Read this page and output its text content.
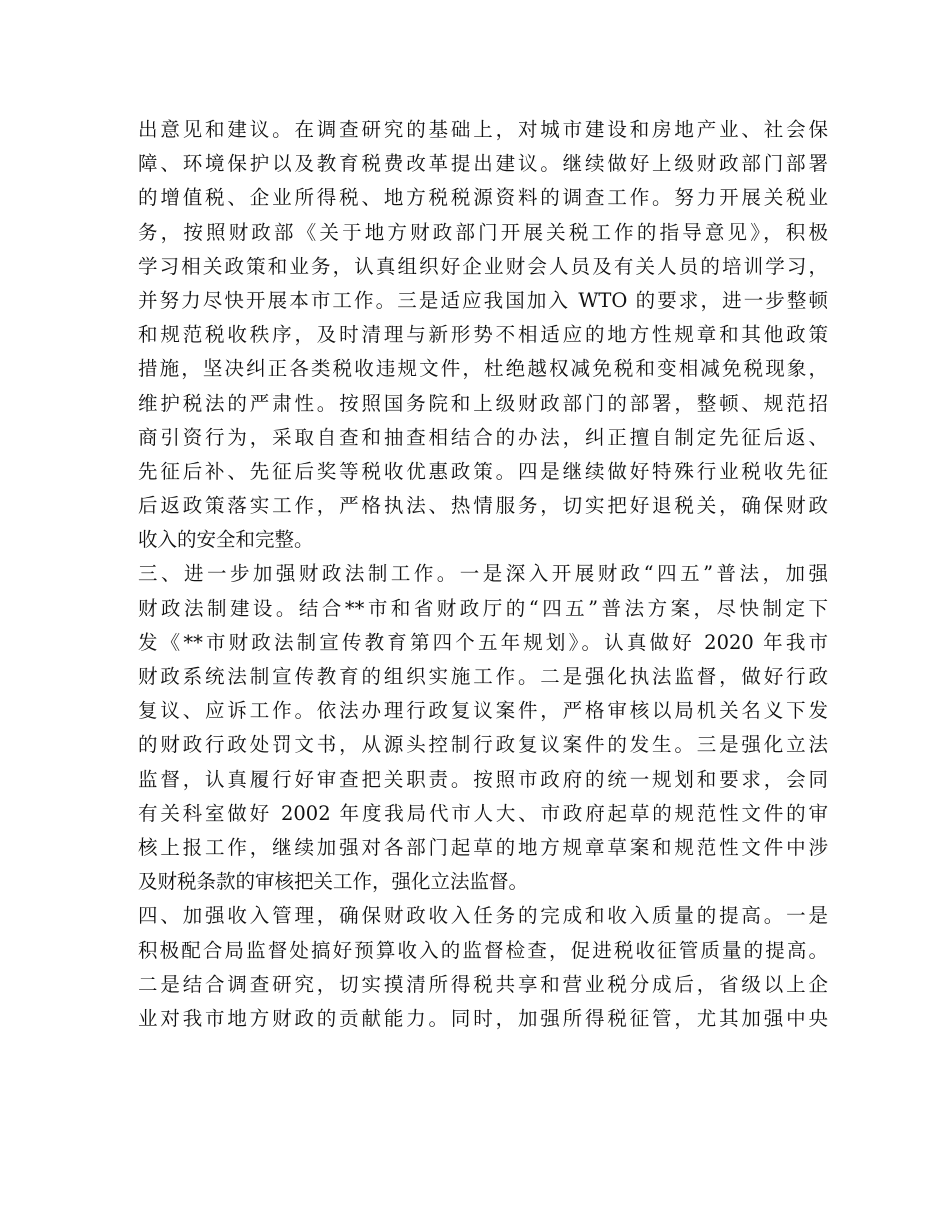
出意见和建议。在调查研究的基础上，对城市建设和房地产业、社会保
障、环境保护以及教育税费改革提出建议。继续做好上级财政部门部署
的增值税、企业所得税、地方税税源资料的调查工作。努力开展关税业
务，按照财政部《关于地方财政部门开展关税工作的指导意见》，积极
学习相关政策和业务，认真组织好企业财会人员及有关人员的培训学习，
并努力尽快开展本市工作。三是适应我国加入 WTO 的要求，进一步整顿
和规范税收秩序，及时清理与新形势不相适应的地方性规章和其他政策
措施，坚决纠正各类税收违规文件，杜绝越权减免税和变相减免税现象，
维护税法的严肃性。按照国务院和上级财政部门的部署，整顿、规范招
商引资行为，采取自查和抽查相结合的办法，纠正擅自制定先征后返、
先征后补、先征后奖等税收优惠政策。四是继续做好特殊行业税收先征
后返政策落实工作，严格执法、热情服务，切实把好退税关，确保财政
收入的安全和完整。
三、进一步加强财政法制工作。一是深入开展财政“四五”普法，加强
财政法制建设。结合**市和省财政厅的“四五”普法方案，尽快制定下
发《**市财政法制宣传教育第四个五年规划》。认真做好 2020 年我市
财政系统法制宣传教育的组织实施工作。二是强化执法监督，做好行政
复议、应诉工作。依法办理行政复议案件，严格审核以局机关名义下发
的财政行政处罚文书，从源头控制行政复议案件的发生。三是强化立法
监督，认真履行好审查把关职责。按照市政府的统一规划和要求，会同
有关科室做好 2002 年度我局代市人大、市政府起草的规范性文件的审
核上报工作，继续加强对各部门起草的地方规章草案和规范性文件中涉
及财税条款的审核把关工作，强化立法监督。
四、加强收入管理，确保财政收入任务的完成和收入质量的提高。一是
积极配合局监督处搞好预算收入的监督检查，促进税收征管质量的提高。
二是结合调查研究，切实摸清所得税共享和营业税分成后，省级以上企
业对我市地方财政的贡献能力。同时，加强所得税征管，尤其加强中央
